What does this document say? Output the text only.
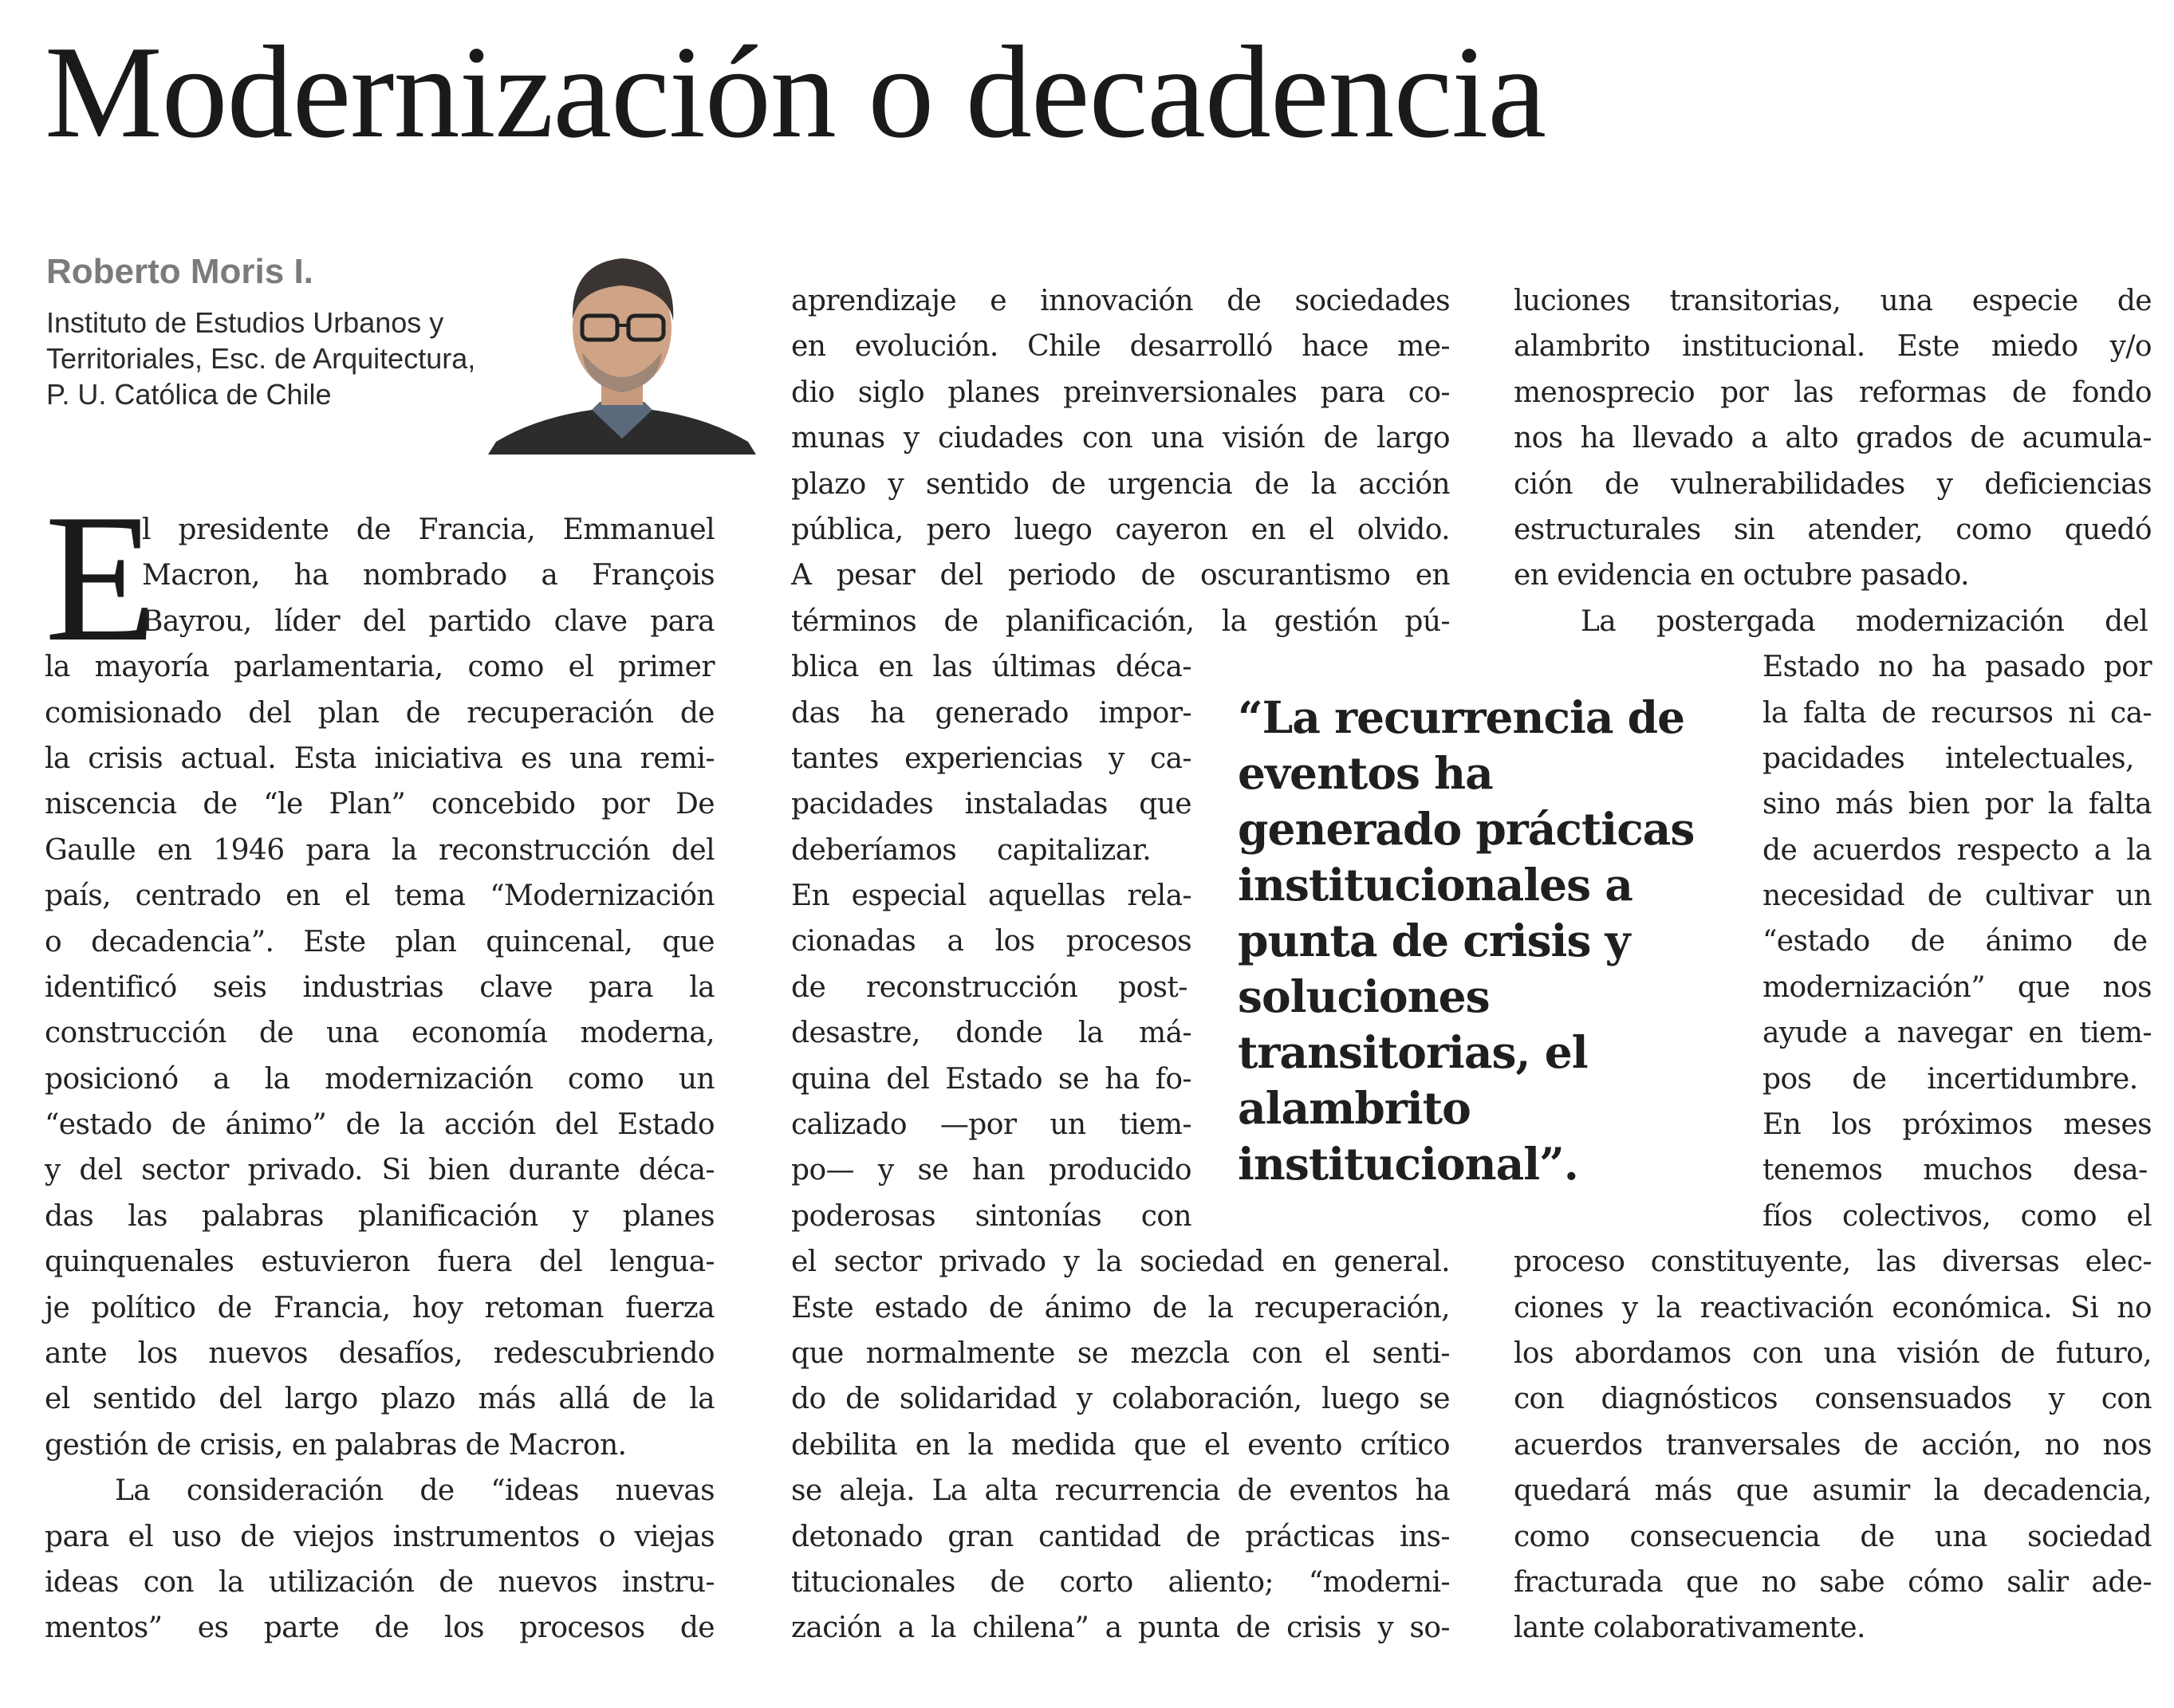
Modernización o decadencia
Roberto Moris I.
Instituto de Estudios Urbanos y
Territoriales, Esc. de Arquitectura,
P. U. Católica de Chile
E
l presidente de Francia, Emmanuel
Macron, ha nombrado a François
Bayrou, líder del partido clave para
la mayoría parlamentaria, como el primer
comisionado del plan de recuperación de
la crisis actual. Esta iniciativa es una remi-
niscencia de “le Plan” concebido por De
Gaulle en 1946 para la reconstrucción del
país, centrado en el tema “Modernización
o decadencia”. Este plan quincenal, que
identificó seis industrias clave para la
construcción de una economía moderna,
posicionó a la modernización como un
“estado de ánimo” de la acción del Estado
y del sector privado. Si bien durante déca-
das las palabras planificación y planes
quinquenales estuvieron fuera del lengua-
je político de Francia, hoy retoman fuerza
ante los nuevos desafíos, redescubriendo
el sentido del largo plazo más allá de la
gestión de crisis, en palabras de Macron.
La consideración de “ideas nuevas
para el uso de viejos instrumentos o viejas
ideas con la utilización de nuevos instru-
mentos” es parte de los procesos de
aprendizaje e innovación de sociedades
en evolución. Chile desarrolló hace me-
dio siglo planes preinversionales para co-
munas y ciudades con una visión de largo
plazo y sentido de urgencia de la acción
pública, pero luego cayeron en el olvido.
A pesar del periodo de oscurantismo en
términos de planificación, la gestión pú-
blica en las últimas déca-
das ha generado impor-
tantes experiencias y ca-
pacidades instaladas que
deberíamos capitalizar.
En especial aquellas rela-
cionadas a los procesos
de reconstrucción post-
desastre, donde la má-
quina del Estado se ha fo-
calizado —por un tiem-
po— y se han producido
poderosas sintonías con
el sector privado y la sociedad en general.
Este estado de ánimo de la recuperación,
que normalmente se mezcla con el senti-
do de solidaridad y colaboración, luego se
debilita en la medida que el evento crítico
se aleja. La alta recurrencia de eventos ha
detonado gran cantidad de prácticas ins-
titucionales de corto aliento; “moderni-
zación a la chilena” a punta de crisis y so-
luciones transitorias, una especie de
alambrito institucional. Este miedo y/o
menosprecio por las reformas de fondo
nos ha llevado a alto grados de acumula-
ción de vulnerabilidades y deficiencias
estructurales sin atender, como quedó
en evidencia en octubre pasado.
La postergada modernización del
Estado no ha pasado por
la falta de recursos ni ca-
pacidades intelectuales,
sino más bien por la falta
de acuerdos respecto a la
necesidad de cultivar un
“estado de ánimo de
modernización” que nos
ayude a navegar en tiem-
pos de incertidumbre.
En los próximos meses
tenemos muchos desa-
fíos colectivos, como el
proceso constituyente, las diversas elec-
ciones y la reactivación económica. Si no
los abordamos con una visión de futuro,
con diagnósticos consensuados y con
acuerdos tranversales de acción, no nos
quedará más que asumir la decadencia,
como consecuencia de una sociedad
fracturada que no sabe cómo salir ade-
lante colaborativamente.
“La recurrencia de
eventos ha
generado prácticas
institucionales a
punta de crisis y
soluciones
transitorias, el
alambrito
institucional”.
